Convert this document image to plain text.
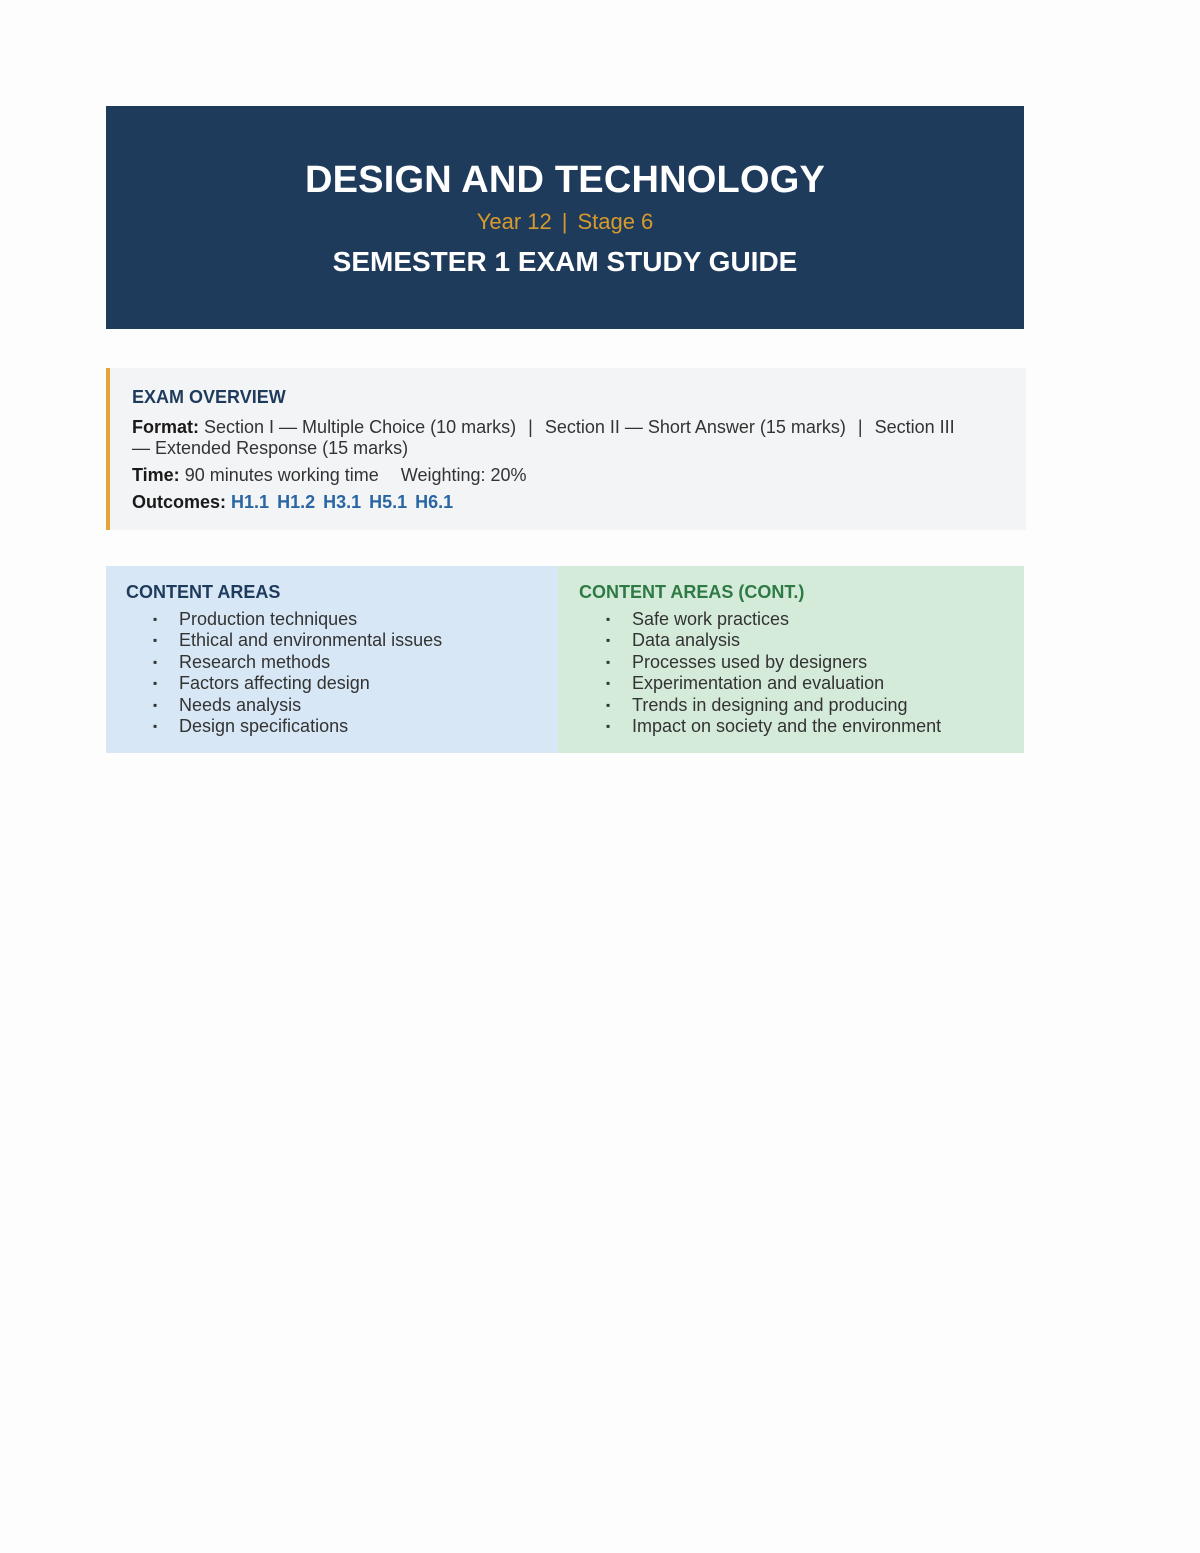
DESIGN AND TECHNOLOGY
Year 12 | Stage 6
SEMESTER 1 EXAM STUDY GUIDE
EXAM OVERVIEW

Format: Section I — Multiple Choice (10 marks) | Section II — Short Answer (15 marks) | Section III
— Extended Response (15 marks)

Time: 90 minutes working time Weighting: 20%

Outcomes: H1.1 H1.2 H3.1 H5.1 H6.1

CONTENT AREAS
▪ Production techniques
▪ Ethical and environmental issues
▪ Research methods
▪ Factors affecting design
▪ Needs analysis
▪ Design specifications
CONTENT AREAS (CONT.)
▪ Safe work practices
▪ Data analysis
▪ Processes used by designers
▪ Experimentation and evaluation
▪ Trends in designing and producing
▪ Impact on society and the environment
